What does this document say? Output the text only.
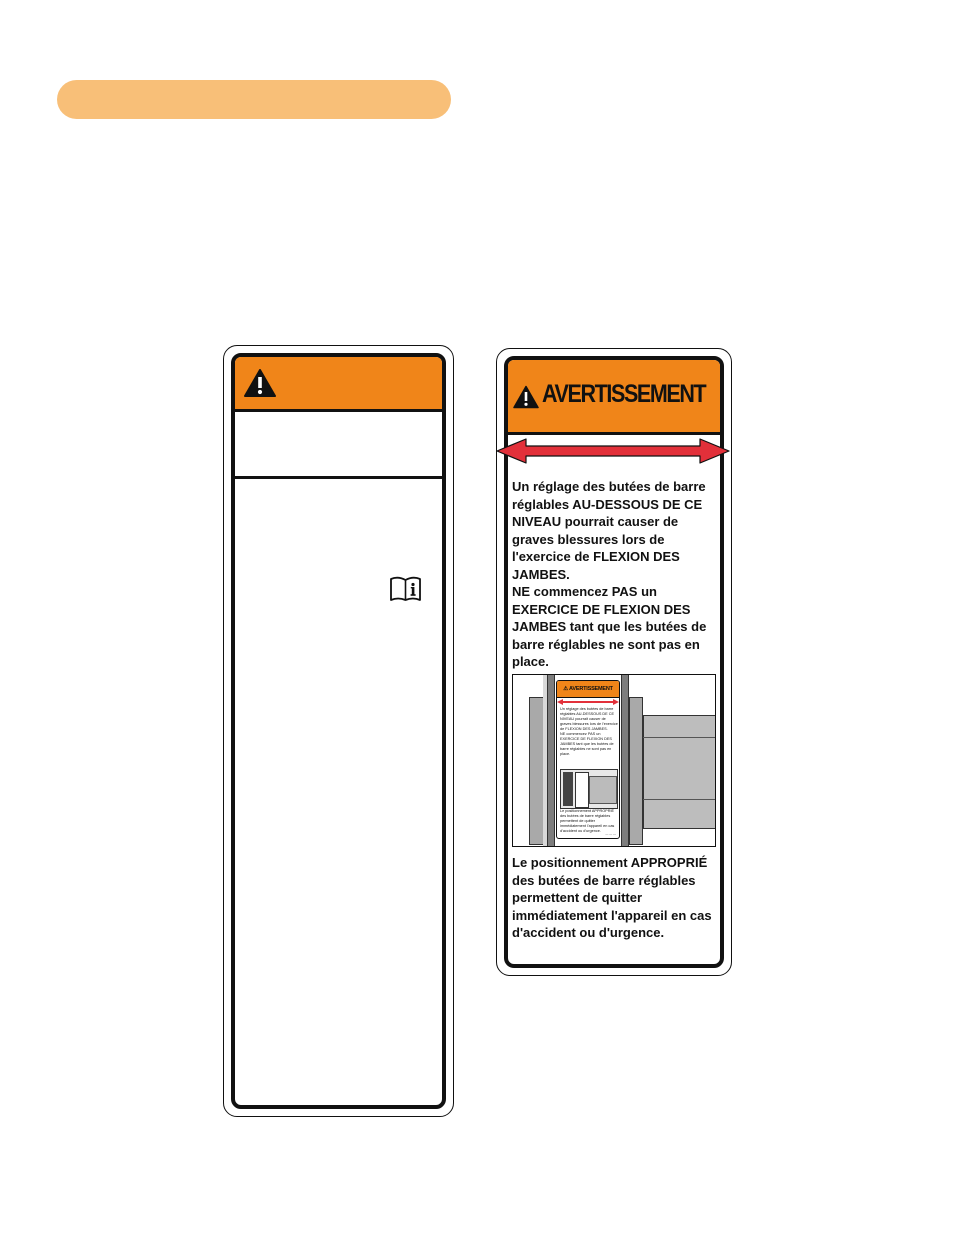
AVERTISSEMENT

Un réglage des butées de barre réglables AU-DESSOUS DE CE NIVEAU pourrait causer de graves blessures lors de l'exercice de FLEXION DES JAMBES.

NE commencez PAS un EXERCICE DE FLEXION DES JAMBES tant que les butées de barre réglables ne sont pas en place.

⚠ AVERTISSEMENT

Un réglage des butées de barre réglables AU-DESSOUS DE CE NIVEAU pourrait causer de graves blessures lors de l'exercice de FLEXION DES JAMBES.

NE commencez PAS un EXERCICE DE FLEXION DES JAMBES tant que les butées de barre réglables ne sont pas en place.

Le positionnement APPROPRIÉ des butées de barre réglables permettent de quitter immédiatement l'appareil en cas d'accident ou d'urgence.
— — —
Le positionnement APPROPRIÉ des butées de barre réglables permettent de quitter immédiatement l'appareil en cas d'accident ou d'urgence.
